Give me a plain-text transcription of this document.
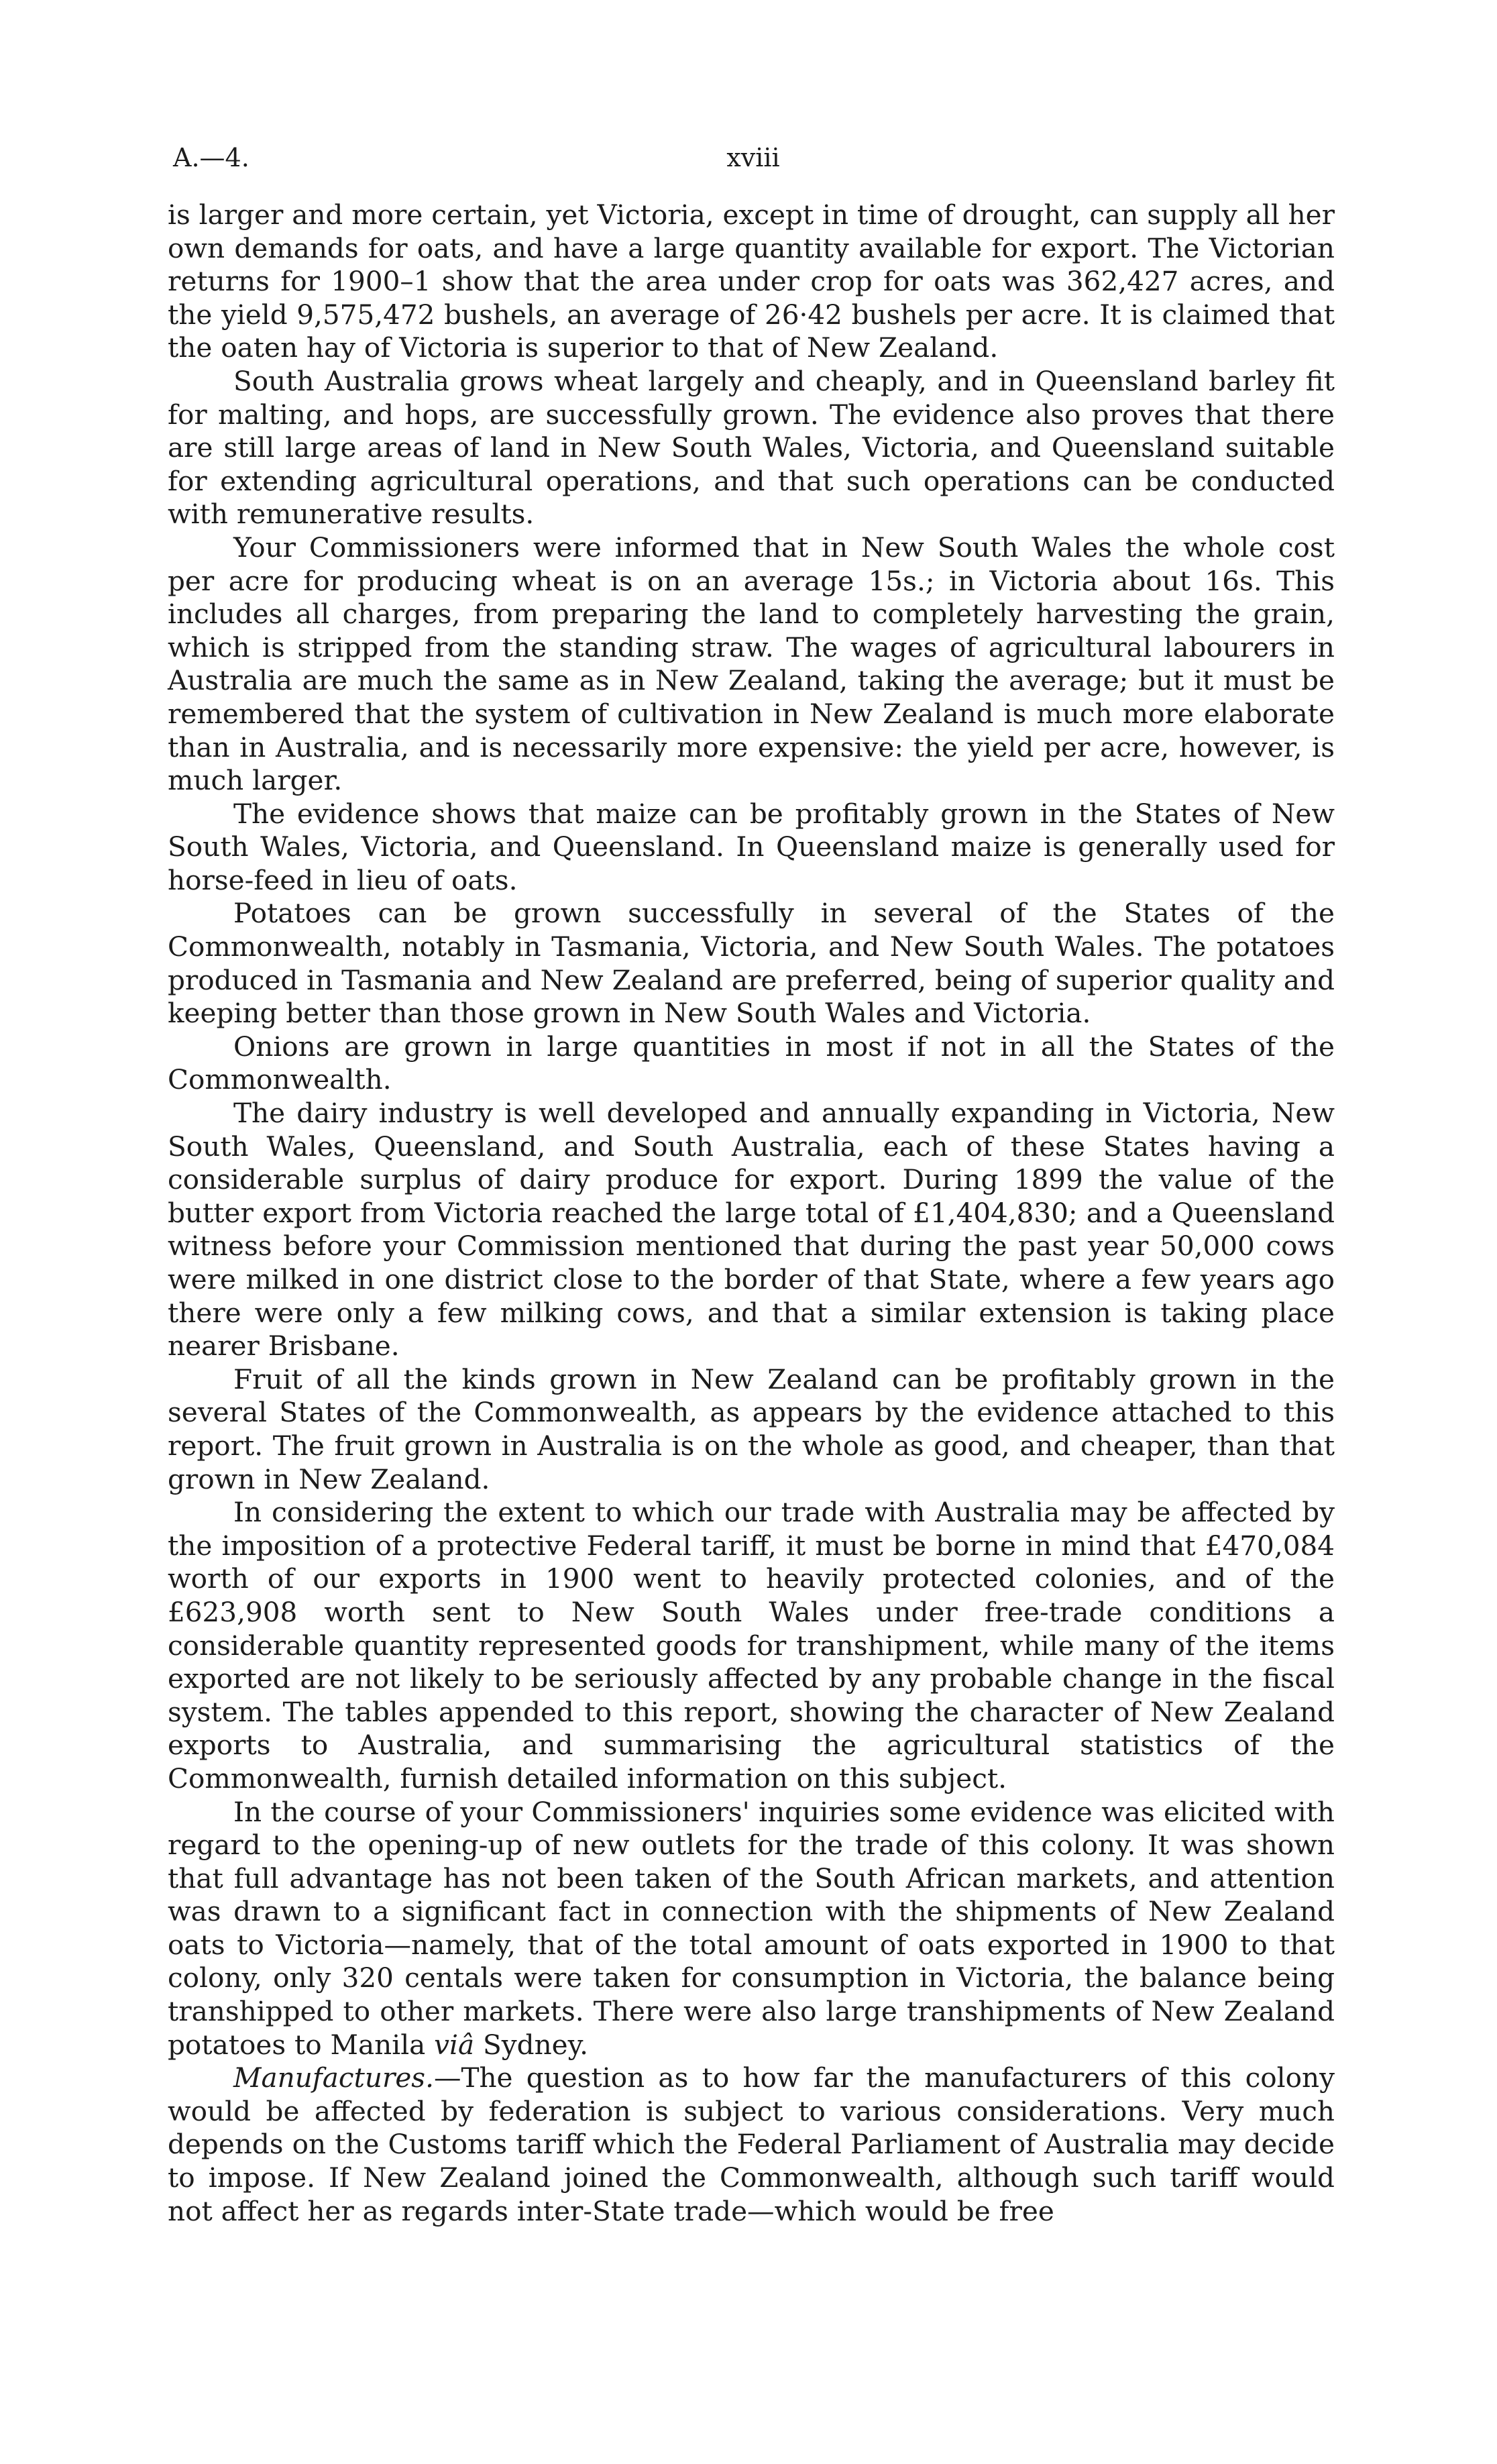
A.—4.	xviii

is larger and more certain, yet Victoria, except in time of drought, can supply all her own demands for oats, and have a large quantity available for export. The Victorian returns for 1900–1 show that the area under crop for oats was 362,427 acres, and the yield 9,575,472 bushels, an average of 26·42 bushels per acre. It is claimed that the oaten hay of Victoria is superior to that of New Zealand.

South Australia grows wheat largely and cheaply, and in Queensland barley fit for malting, and hops, are successfully grown. The evidence also proves that there are still large areas of land in New South Wales, Victoria, and Queensland suitable for extending agricultural operations, and that such operations can be conducted with remunerative results.

Your Commissioners were informed that in New South Wales the whole cost per acre for producing wheat is on an average 15s.; in Victoria about 16s. This includes all charges, from preparing the land to completely harvesting the grain, which is stripped from the standing straw. The wages of agricultural labourers in Australia are much the same as in New Zealand, taking the average; but it must be remembered that the system of cultivation in New Zealand is much more elaborate than in Australia, and is necessarily more expensive: the yield per acre, however, is much larger.

The evidence shows that maize can be profitably grown in the States of New South Wales, Victoria, and Queensland. In Queensland maize is generally used for horse-feed in lieu of oats.

Potatoes can be grown successfully in several of the States of the Commonwealth, notably in Tasmania, Victoria, and New South Wales. The potatoes produced in Tasmania and New Zealand are preferred, being of superior quality and keeping better than those grown in New South Wales and Victoria.

Onions are grown in large quantities in most if not in all the States of the Commonwealth.

The dairy industry is well developed and annually expanding in Victoria, New South Wales, Queensland, and South Australia, each of these States having a considerable surplus of dairy produce for export. During 1899 the value of the butter export from Victoria reached the large total of £1,404,830; and a Queensland witness before your Commission mentioned that during the past year 50,000 cows were milked in one district close to the border of that State, where a few years ago there were only a few milking cows, and that a similar extension is taking place nearer Brisbane.

Fruit of all the kinds grown in New Zealand can be profitably grown in the several States of the Commonwealth, as appears by the evidence attached to this report. The fruit grown in Australia is on the whole as good, and cheaper, than that grown in New Zealand.

In considering the extent to which our trade with Australia may be affected by the imposition of a protective Federal tariff, it must be borne in mind that £470,084 worth of our exports in 1900 went to heavily protected colonies, and of the £623,908 worth sent to New South Wales under free-trade conditions a considerable quantity represented goods for transhipment, while many of the items exported are not likely to be seriously affected by any probable change in the fiscal system. The tables appended to this report, showing the character of New Zealand exports to Australia, and summarising the agricultural statistics of the Commonwealth, furnish detailed information on this subject.

In the course of your Commissioners' inquiries some evidence was elicited with regard to the opening-up of new outlets for the trade of this colony. It was shown that full advantage has not been taken of the South African markets, and attention was drawn to a significant fact in connection with the shipments of New Zealand oats to Victoria—namely, that of the total amount of oats exported in 1900 to that colony, only 320 centals were taken for consumption in Victoria, the balance being transhipped to other markets. There were also large transhipments of New Zealand potatoes to Manila viâ Sydney.

Manufactures.—The question as to how far the manufacturers of this colony would be affected by federation is subject to various considerations. Very much depends on the Customs tariff which the Federal Parliament of Australia may decide to impose. If New Zealand joined the Commonwealth, although such tariff would not affect her as regards inter-State trade—which would be free
